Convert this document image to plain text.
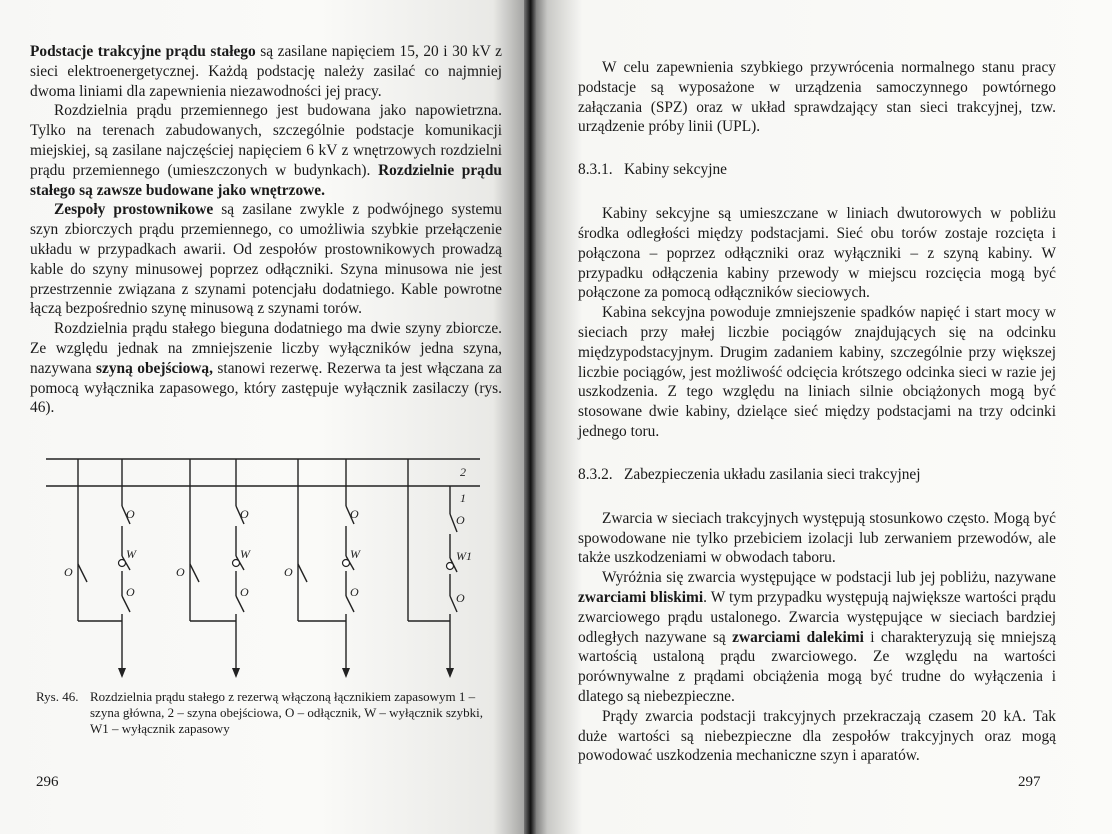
Podstacje trakcyjne prądu stałego są zasilane napięciem 15, 20 i 30 kV z sieci elektroenergetycznej. Każdą podstację należy zasilać co najmniej dwoma liniami dla zapewnienia niezawodności jej pracy.

Rozdzielnia prądu przemiennego jest budowana jako napowietrzna. Tylko na terenach zabudowanych, szczególnie podstacje komunikacji miejskiej, są zasilane najczęściej napięciem 6 kV z wnętrzowych rozdzielni prądu przemiennego (umieszczonych w budynkach). Rozdzielnie prądu stałego są zawsze budowane jako wnętrzowe.

Zespoły prostownikowe są zasilane zwykle z podwójnego systemu szyn zbiorczych prądu przemiennego, co umożliwia szybkie przełączenie układu w przypadkach awarii. Od zespołów prostownikowych prowadzą kable do szyny minusowej poprzez odłączniki. Szyna minusowa nie jest przestrzennie związana z szynami potencjału dodatniego. Kable powrotne łączą bezpośrednio szynę minusową z szynami torów.

Rozdzielnia prądu stałego bieguna dodatniego ma dwie szyny zbiorcze. Ze względu jednak na zmniejszenie liczby wyłączników jedna szyna, nazywana szyną obejściową, stanowi rezerwę. Rezerwa ta jest włączana za pomocą wyłącznika zapasowego, który zastępuje wyłącznik zasilaczy (rys. 46).

2
1
O
W
O
O
O
W
O
O
O
W
O
O
O
W1
O
Rys. 46. Rozdzielnia prądu stałego z rezerwą włączoną łącznikiem zapasowym 1 – szyna główna, 2 – szyna obejściowa, O – odłącznik, W – wyłącznik szybki, W1 – wyłącznik zapasowy
296

W celu zapewnienia szybkiego przywrócenia normalnego stanu pracy podstacje są wyposażone w urządzenia samoczynnego powtórnego załączania (SPZ) oraz w układ sprawdzający stan sieci trakcyjnej, tzw. urządzenie próby linii (UPL).

8.3.1. Kabiny sekcyjne

Kabiny sekcyjne są umieszczane w liniach dwutorowych w pobliżu środka odległości między podstacjami. Sieć obu torów zostaje rozcięta i połączona – poprzez odłączniki oraz wyłączniki – z szyną kabiny. W przypadku odłączenia kabiny przewody w miejscu rozcięcia mogą być połączone za pomocą odłączników sieciowych.

Kabina sekcyjna powoduje zmniejszenie spadków napięć i start mocy w sieciach przy małej liczbie pociągów znajdujących się na odcinku międzypodstacyjnym. Drugim zadaniem kabiny, szczególnie przy większej liczbie pociągów, jest możliwość odcięcia krótszego odcinka sieci w razie jej uszkodzenia. Z tego względu na liniach silnie obciążonych mogą być stosowane dwie kabiny, dzielące sieć między podstacjami na trzy odcinki jednego toru.

8.3.2. Zabezpieczenia układu zasilania sieci trakcyjnej

Zwarcia w sieciach trakcyjnych występują stosunkowo często. Mogą być spowodowane nie tylko przebiciem izolacji lub zerwaniem przewodów, ale także uszkodzeniami w obwodach taboru.

Wyróżnia się zwarcia występujące w podstacji lub jej pobliżu, nazywane zwarciami bliskimi. W tym przypadku występują największe wartości prądu zwarciowego prądu ustalonego. Zwarcia występujące w sieciach bardziej odległych nazywane są zwarciami dalekimi i charakteryzują się mniejszą wartością ustaloną prądu zwarciowego. Ze względu na wartości porównywalne z prądami obciążenia mogą być trudne do wyłączenia i dlatego są niebezpieczne.

Prądy zwarcia podstacji trakcyjnych przekraczają czasem 20 kA. Tak duże wartości są niebezpieczne dla zespołów trakcyjnych oraz mogą powodować uszkodzenia mechaniczne szyn i aparatów.

297
